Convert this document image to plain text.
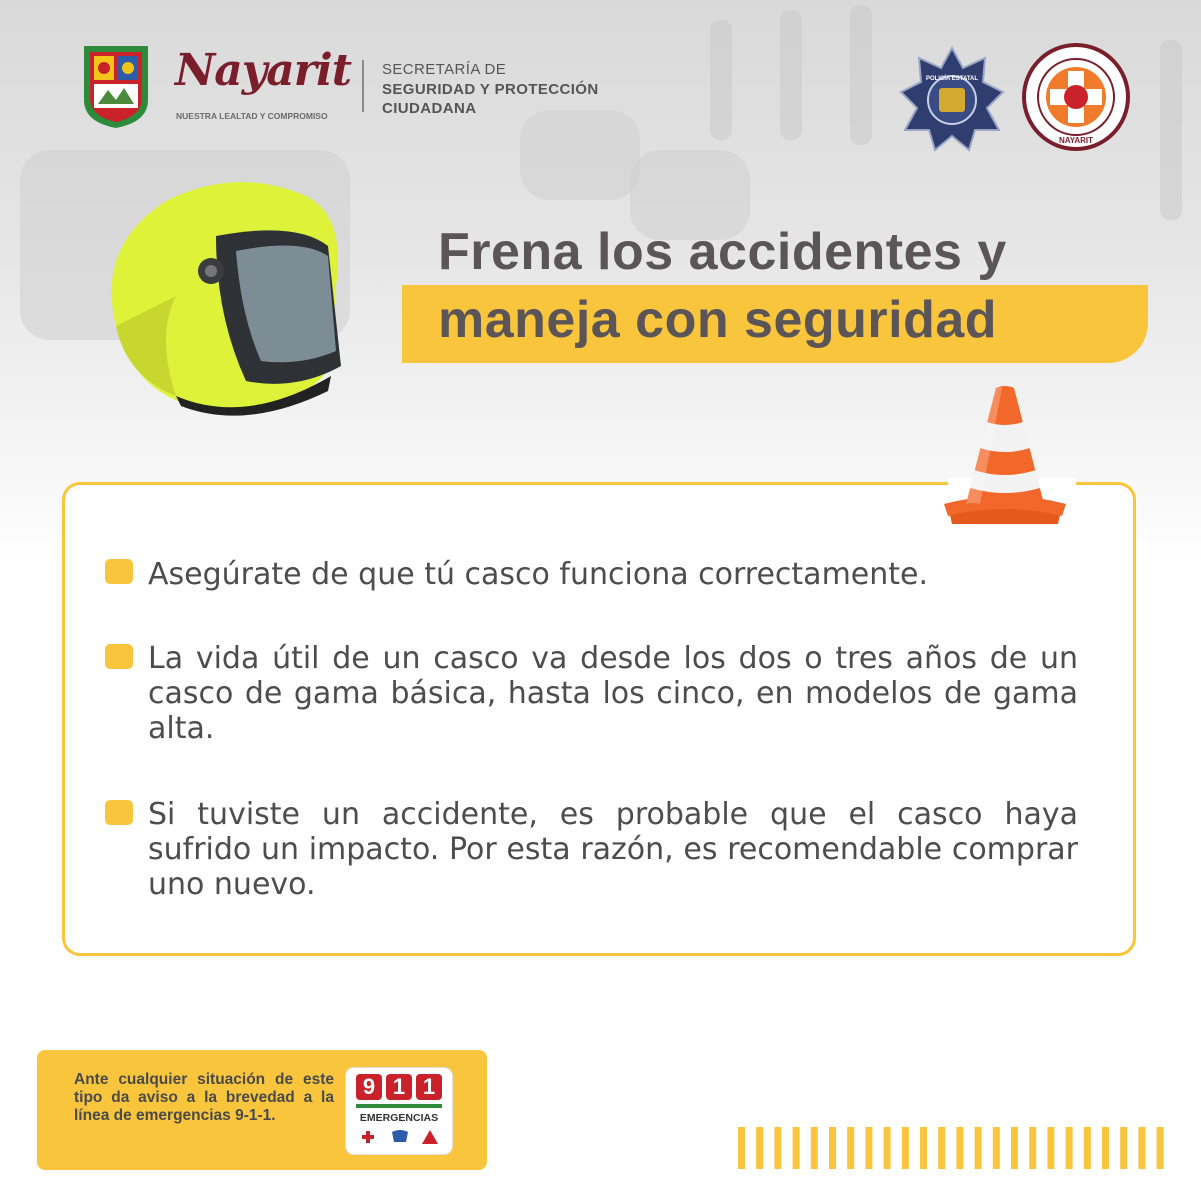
Nayarit
NUESTRA LEALTAD Y COMPROMISO
SECRETARÍA DE
SEGURIDAD Y PROTECCIÓN
CIUDADANA
POLICÍA ESTATAL
NAYARIT
Frena los accidentes y
maneja con seguridad
Asegúrate de que tú casco funciona correctamente.
La vida útil de un casco va desde los dos o tres años de un casco de gama básica, hasta los cinco, en modelos de gama alta.
Si tuviste un accidente, es probable que el casco haya sufrido un impacto. Por esta razón, es recomendable comprar uno nuevo.
Ante cualquier situación de este tipo da aviso a la brevedad a la línea de emergencias 9-1-1.
9 1 1
EMERGENCIAS
